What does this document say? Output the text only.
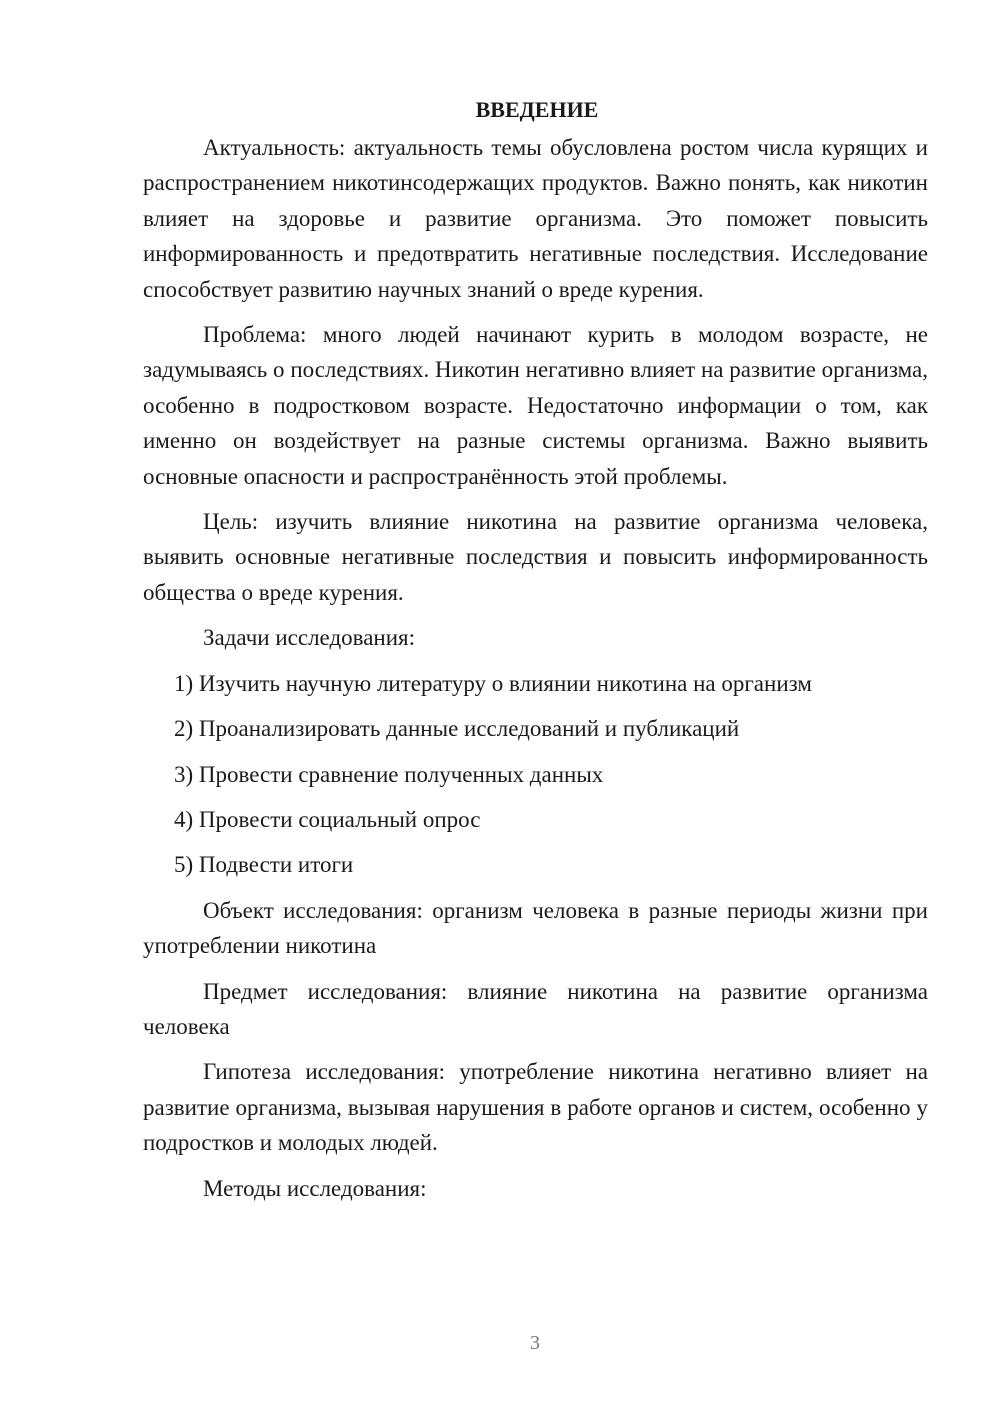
ВВЕДЕНИЕ

Актуальность: актуальность темы обусловлена ростом числа курящих и распространением никотинсодержащих продуктов. Важно понять, как никотин влияет на здоровье и развитие организма. Это поможет повысить информированность и предотвратить негативные последствия. Исследование способствует развитию научных знаний о вреде курения.

Проблема: много людей начинают курить в молодом возрасте, не задумываясь о последствиях. Никотин негативно влияет на развитие организма, особенно в подростковом возрасте. Недостаточно информации о том, как именно он воздействует на разные системы организма. Важно выявить основные опасности и распространённость этой проблемы.

Цель: изучить влияние никотина на развитие организма человека, выявить основные негативные последствия и повысить информированность общества о вреде курения.

Задачи исследования:

1) Изучить научную литературу о влиянии никотина на организм

2) Проанализировать данные исследований и публикаций

3) Провести сравнение полученных данных

4) Провести социальный опрос

5) Подвести итоги

Объект исследования: организм человека в разные периоды жизни при употреблении никотина

Предмет исследования: влияние никотина на развитие организма человека

Гипотеза исследования: употребление никотина негативно влияет на развитие организма, вызывая нарушения в работе органов и систем, особенно у подростков и молодых людей.

Методы исследования:

3
